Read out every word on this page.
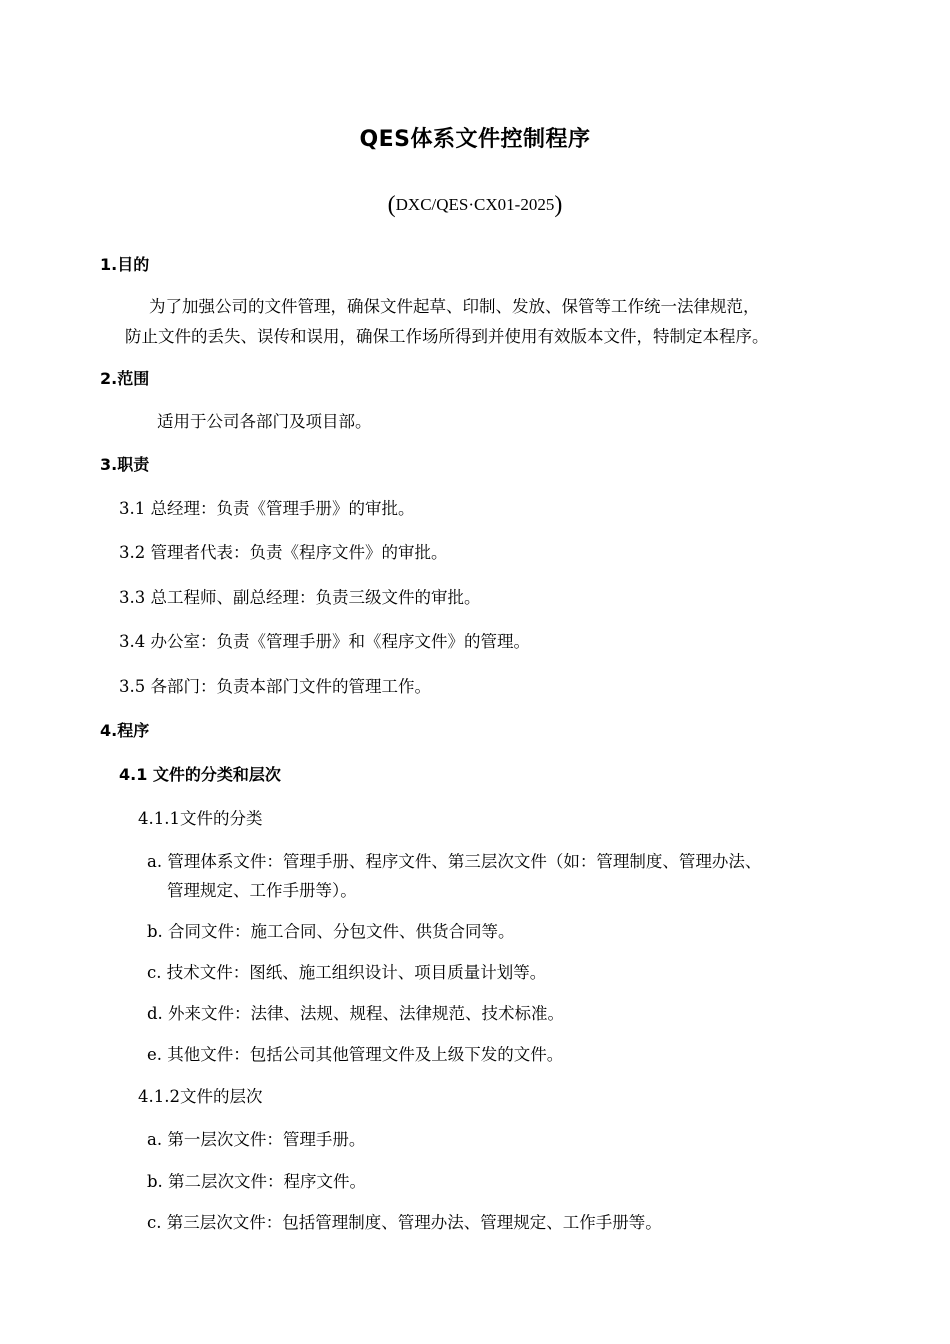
QES体系文件控制程序
(DXC/QES·CX01-2025)
1.目的
为了加强公司的文件管理，确保文件起草、印制、发放、保管等工作统一法律规范，
防止文件的丢失、误传和误用，确保工作场所得到并使用有效版本文件，特制定本程序。
2.范围
适用于公司各部门及项目部。
3.职责
3.1 总经理：负责《管理手册》的审批。
3.2 管理者代表：负责《程序文件》的审批。
3.3 总工程师、副总经理：负责三级文件的审批。
3.4 办公室：负责《管理手册》和《程序文件》的管理。
3.5 各部门：负责本部门文件的管理工作。
4.程序
4.1 文件的分类和层次
4.1.1文件的分类
a. 管理体系文件：管理手册、程序文件、第三层次文件（如：管理制度、管理办法、
管理规定、工作手册等）。
b. 合同文件：施工合同、分包文件、供货合同等。
c. 技术文件：图纸、施工组织设计、项目质量计划等。
d. 外来文件：法律、法规、规程、法律规范、技术标准。
e. 其他文件：包括公司其他管理文件及上级下发的文件。
4.1.2文件的层次
a. 第一层次文件：管理手册。
b. 第二层次文件：程序文件。
c. 第三层次文件：包括管理制度、管理办法、管理规定、工作手册等。
